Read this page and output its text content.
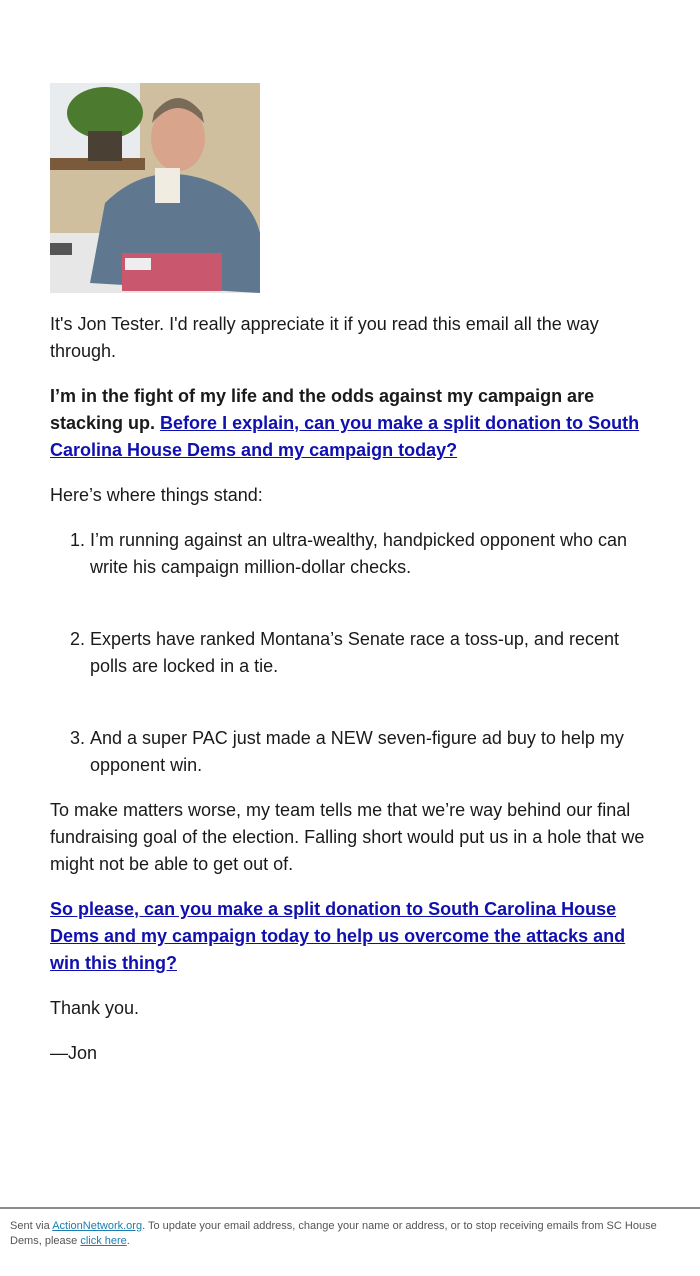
It's Jon Tester. I'd really appreciate it if you read this email all the way through.

I’m in the fight of my life and the odds against my campaign are stacking up. Before I explain, can you make a split donation to South Carolina House Dems and my campaign today?

Here’s where things stand:

1. I’m running against an ultra-wealthy, handpicked opponent who can write his campaign million-dollar checks.
2. Experts have ranked Montana’s Senate race a toss-up, and recent polls are locked in a tie.
3. And a super PAC just made a NEW seven-figure ad buy to help my opponent win.

To make matters worse, my team tells me that we’re way behind our final fundraising goal of the election. Falling short would put us in a hole that we might not be able to get out of.

So please, can you make a split donation to South Carolina House Dems and my campaign today to help us overcome the attacks and win this thing?

Thank you.

—Jon

Sent via ActionNetwork.org. To update your email address, change your name or address, or to stop receiving emails from SC House Dems, please click here.
